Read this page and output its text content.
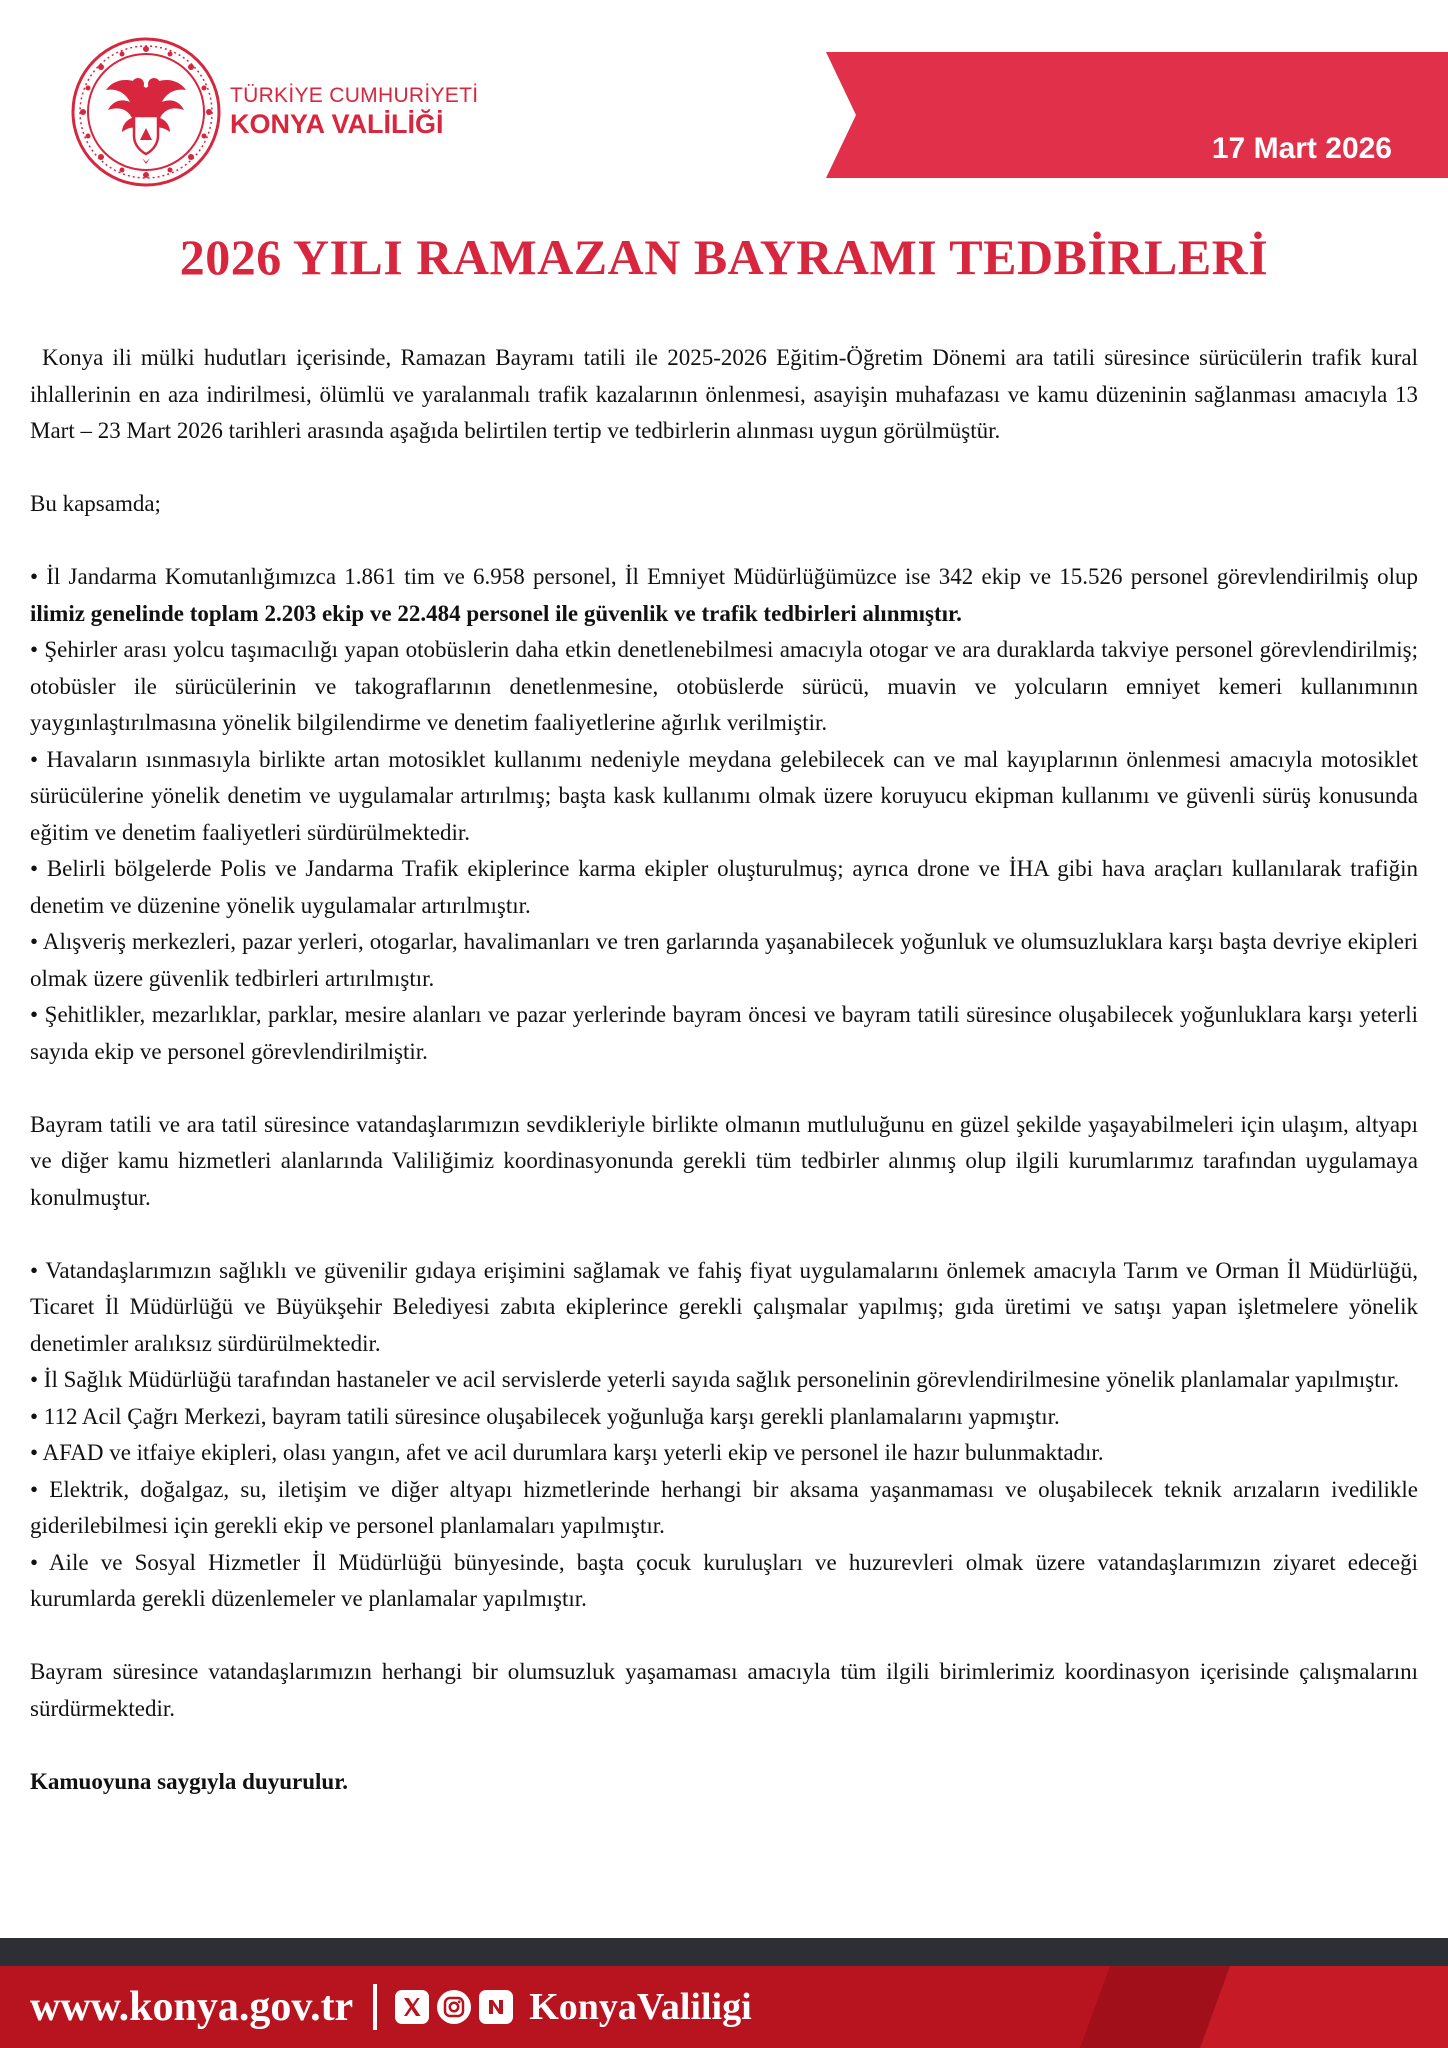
TÜRKİYE CUMHURİYETİ
KONYA VALİLİĞİ
17 Mart 2026
2026 YILI RAMAZAN BAYRAMI TEDBİRLERİ

Konya ili mülki hudutları içerisinde, Ramazan Bayramı tatili ile 2025-2026 Eğitim-Öğretim Dönemi ara tatili süresince sürücülerin trafik kural ihlallerinin en aza indirilmesi, ölümlü ve yaralanmalı trafik kazalarının önlenmesi, asayişin muhafazası ve kamu düzeninin sağlanması amacıyla 13 Mart – 23 Mart 2026 tarihleri arasında aşağıda belirtilen tertip ve tedbirlerin alınması uygun görülmüştür.

Bu kapsamda;

• İl Jandarma Komutanlığımızca 1.861 tim ve 6.958 personel, İl Emniyet Müdürlüğümüzce ise 342 ekip ve 15.526 personel görevlendirilmiş olup ilimiz genelinde toplam 2.203 ekip ve 22.484 personel ile güvenlik ve trafik tedbirleri alınmıştır.

• Şehirler arası yolcu taşımacılığı yapan otobüslerin daha etkin denetlenebilmesi amacıyla otogar ve ara duraklarda takviye personel görevlendirilmiş; otobüsler ile sürücülerinin ve takograflarının denetlenmesine, otobüslerde sürücü, muavin ve yolcuların emniyet kemeri kullanımının yaygınlaştırılmasına yönelik bilgilendirme ve denetim faaliyetlerine ağırlık verilmiştir.

• Havaların ısınmasıyla birlikte artan motosiklet kullanımı nedeniyle meydana gelebilecek can ve mal kayıplarının önlenmesi amacıyla motosiklet sürücülerine yönelik denetim ve uygulamalar artırılmış; başta kask kullanımı olmak üzere koruyucu ekipman kullanımı ve güvenli sürüş konusunda eğitim ve denetim faaliyetleri sürdürülmektedir.

• Belirli bölgelerde Polis ve Jandarma Trafik ekiplerince karma ekipler oluşturulmuş; ayrıca drone ve İHA gibi hava araçları kullanılarak trafiğin denetim ve düzenine yönelik uygulamalar artırılmıştır.

• Alışveriş merkezleri, pazar yerleri, otogarlar, havalimanları ve tren garlarında yaşanabilecek yoğunluk ve olumsuzluklara karşı başta devriye ekipleri olmak üzere güvenlik tedbirleri artırılmıştır.

• Şehitlikler, mezarlıklar, parklar, mesire alanları ve pazar yerlerinde bayram öncesi ve bayram tatili süresince oluşabilecek yoğunluklara karşı yeterli sayıda ekip ve personel görevlendirilmiştir.

Bayram tatili ve ara tatil süresince vatandaşlarımızın sevdikleriyle birlikte olmanın mutluluğunu en güzel şekilde yaşayabilmeleri için ulaşım, altyapı ve diğer kamu hizmetleri alanlarında Valiliğimiz koordinasyonunda gerekli tüm tedbirler alınmış olup ilgili kurumlarımız tarafından uygulamaya konulmuştur.

• Vatandaşlarımızın sağlıklı ve güvenilir gıdaya erişimini sağlamak ve fahiş fiyat uygulamalarını önlemek amacıyla Tarım ve Orman İl Müdürlüğü, Ticaret İl Müdürlüğü ve Büyükşehir Belediyesi zabıta ekiplerince gerekli çalışmalar yapılmış; gıda üretimi ve satışı yapan işletmelere yönelik denetimler aralıksız sürdürülmektedir.

• İl Sağlık Müdürlüğü tarafından hastaneler ve acil servislerde yeterli sayıda sağlık personelinin görevlendirilmesine yönelik planlamalar yapılmıştır.

• 112 Acil Çağrı Merkezi, bayram tatili süresince oluşabilecek yoğunluğa karşı gerekli planlamalarını yapmıştır.

• AFAD ve itfaiye ekipleri, olası yangın, afet ve acil durumlara karşı yeterli ekip ve personel ile hazır bulunmaktadır.

• Elektrik, doğalgaz, su, iletişim ve diğer altyapı hizmetlerinde herhangi bir aksama yaşanmaması ve oluşabilecek teknik arızaların ivedilikle giderilebilmesi için gerekli ekip ve personel planlamaları yapılmıştır.

• Aile ve Sosyal Hizmetler İl Müdürlüğü bünyesinde, başta çocuk kuruluşları ve huzurevleri olmak üzere vatandaşlarımızın ziyaret edeceği kurumlarda gerekli düzenlemeler ve planlamalar yapılmıştır.

Bayram süresince vatandaşlarımızın herhangi bir olumsuzluk yaşamaması amacıyla tüm ilgili birimlerimiz koordinasyon içerisinde çalışmalarını sürdürmektedir.

Kamuoyuna saygıyla duyurulur.

www.konya.gov.tr	KonyaValiligi
